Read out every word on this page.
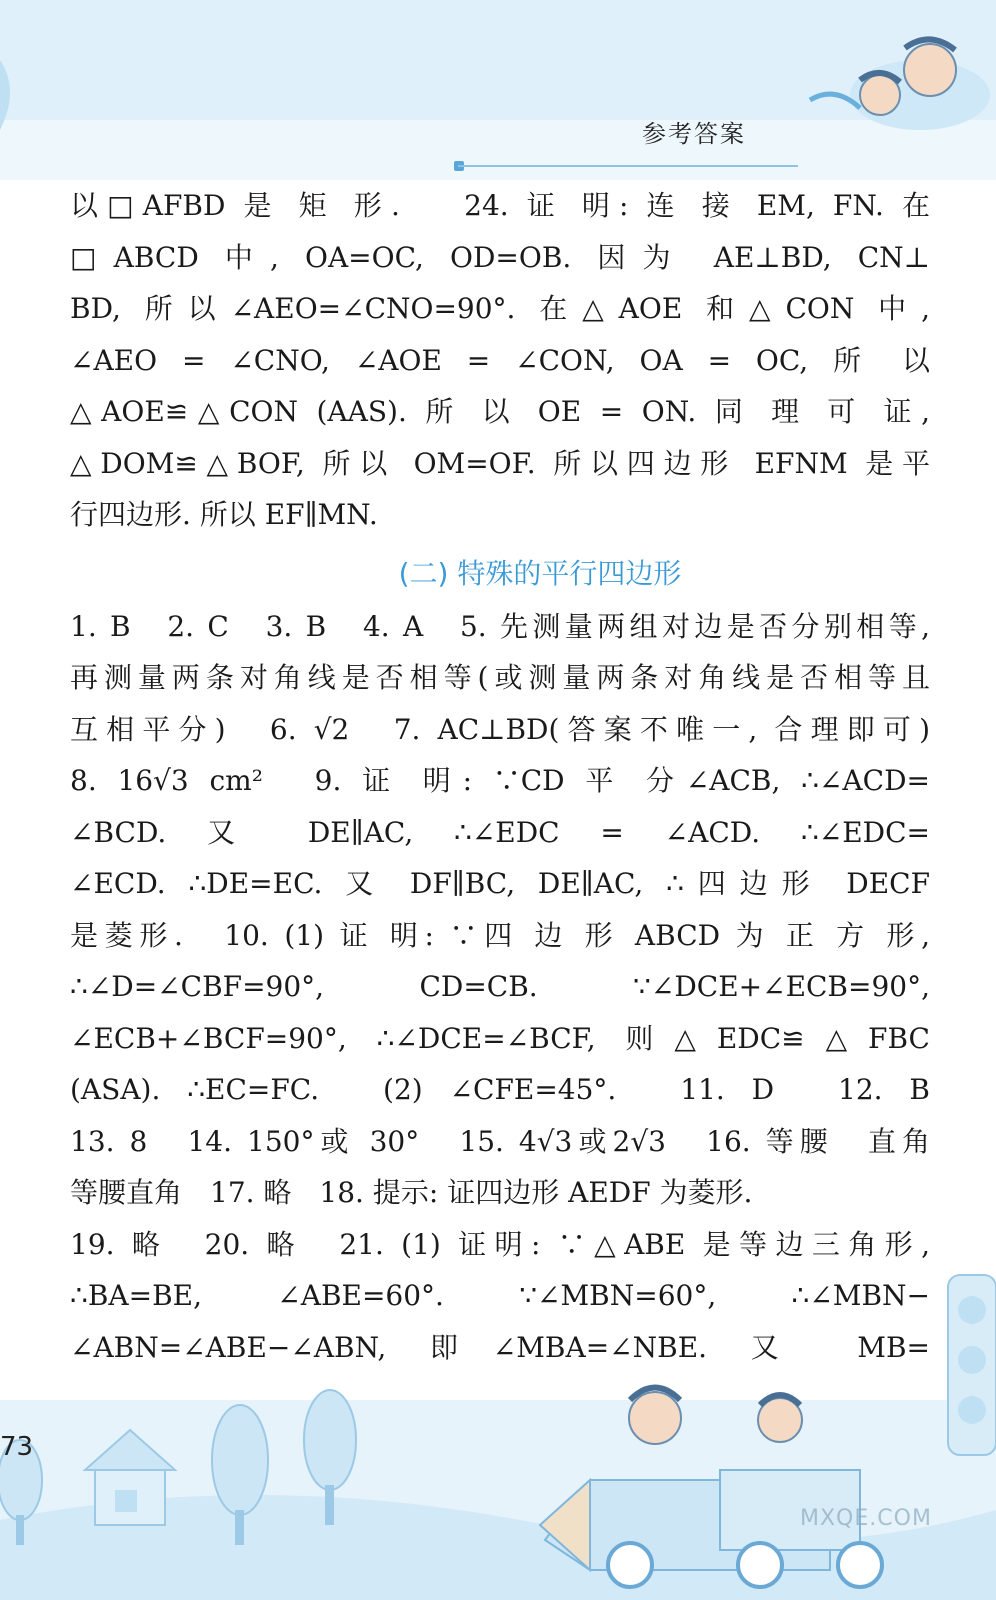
参考答案
以□AFBD 是 矩 形.　 24. 证 明: 连 接 EM, FN. 在
□ABCD 中, OA=OC, OD=OB. 因为 AE⊥BD, CN⊥
BD, 所以∠AEO=∠CNO=90°. 在△AOE 和△CON 中,
∠AEO = ∠CNO, ∠AOE = ∠CON, OA = OC, 所 以
△AOE≌△CON (AAS). 所 以 OE = ON. 同 理 可 证,
△DOM≌△BOF, 所以 OM=OF. 所以四边形 EFNM 是平
行四边形. 所以 EF∥MN.
(二) 特殊的平行四边形
1. B　2. C　3. B　4. A　5. 先测量两组对边是否分别相等,
再测量两条对角线是否相等(或测量两条对角线是否相等且
互相平分)　6. √2　7. AC⊥BD(答案不唯一, 合理即可)
8. 16√3 cm²　9. 证 明: ∵CD 平 分∠ACB, ∴∠ACD=
∠BCD. 又 DE∥AC, ∴∠EDC = ∠ACD. ∴∠EDC=
∠ECD. ∴DE=EC. 又 DF∥BC, DE∥AC, ∴四边形 DECF
是菱形.　10. (1) 证 明: ∵四 边 形 ABCD 为 正 方 形,
∴∠D=∠CBF=90°, CD=CB. ∵∠DCE+∠ECB=90°,
∠ECB+∠BCF=90°, ∴∠DCE=∠BCF, 则△EDC≌△FBC
(ASA). ∴EC=FC.　(2) ∠CFE=45°.　11. D　12. B
13. 8　14. 150°或 30°　15. 4√3或2√3　16. 等腰　直角
等腰直角　17. 略　18. 提示: 证四边形 AEDF 为菱形.
19. 略　20. 略　21. (1) 证明: ∵△ABE 是等边三角形,
∴BA=BE, ∠ABE=60°. ∵∠MBN=60°, ∴∠MBN−
∠ABN=∠ABE−∠ABN, 即∠MBA=∠NBE. 又 MB=
73
MXQE.COM
